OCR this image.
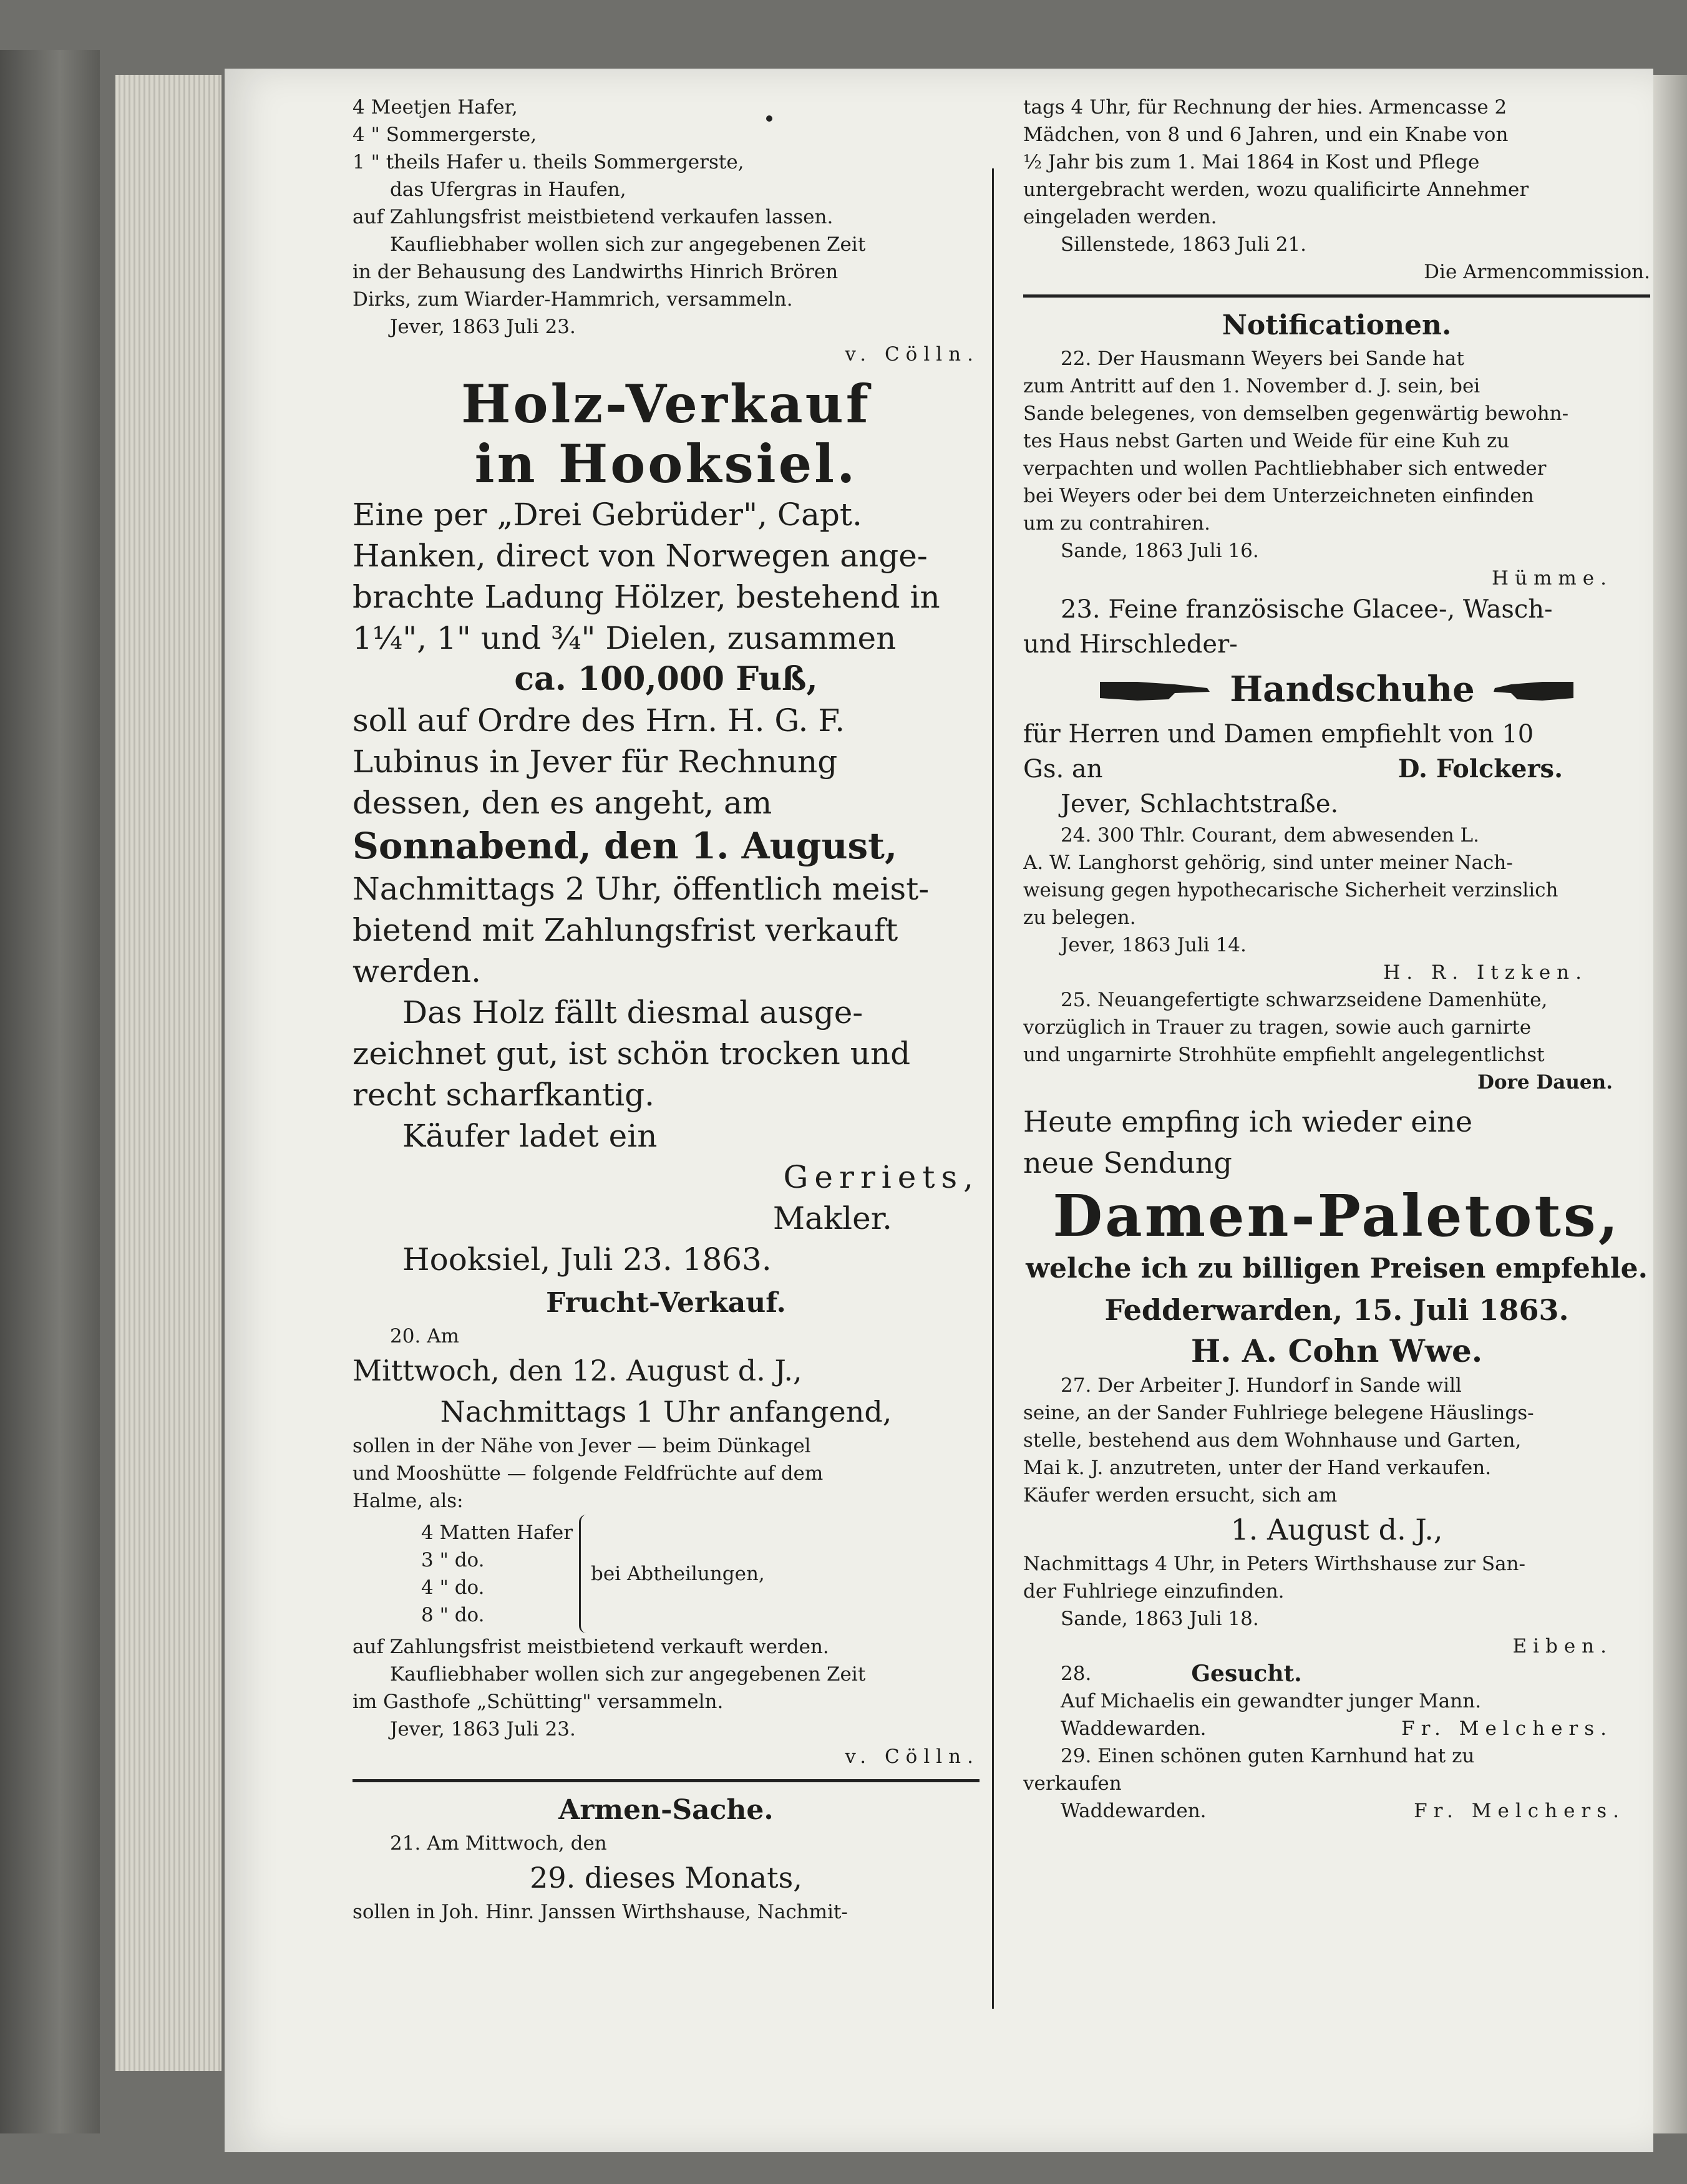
4 Meetjen Hafer,

4 " Sommergerste,

1 " theils Hafer u. theils Sommergerste,

das Ufergras in Haufen,

auf Zahlungsfrist meistbietend verkaufen lassen.

Kaufliebhaber wollen sich zur angegebenen Zeit

in der Behausung des Landwirths Hinrich Brören

Dirks, zum Wiarder-Hammrich, versammeln.

Jever, 1863 Juli 23.

v. Cölln.

Holz-Verkauf

in Hooksiel.

Eine per „Drei Gebrüder", Capt.

Hanken, direct von Norwegen ange-

brachte Ladung Hölzer, bestehend in

1¼", 1" und ¾" Dielen, zusammen

ca. 100,000 Fuß,

soll auf Ordre des Hrn. H. G. F.

Lubinus in Jever für Rechnung

dessen, den es angeht, am

Sonnabend, den 1. August,

Nachmittags 2 Uhr, öffentlich meist-

bietend mit Zahlungsfrist verkauft

werden.

Das Holz fällt diesmal ausge-

zeichnet gut, ist schön trocken und

recht scharfkantig.

Käufer ladet ein

Gerriets,

Makler.

Hooksiel, Juli 23. 1863.

Frucht-Verkauf.

20. Am

Mittwoch, den 12. August d. J.,

Nachmittags 1 Uhr anfangend,

sollen in der Nähe von Jever — beim Dünkagel

und Mooshütte — folgende Feldfrüchte auf dem

Halme, als:

4 Matten Hafer

3 " do.

4 " do.

8 " do.

bei Abtheilungen,

auf Zahlungsfrist meistbietend verkauft werden.

Kaufliebhaber wollen sich zur angegebenen Zeit

im Gasthofe „Schütting" versammeln.

Jever, 1863 Juli 23.

v. Cölln.

Armen-Sache.

21. Am Mittwoch, den

29. dieses Monats,

sollen in Joh. Hinr. Janssen Wirthshause, Nachmit-

tags 4 Uhr, für Rechnung der hies. Armencasse 2

Mädchen, von 8 und 6 Jahren, und ein Knabe von

½ Jahr bis zum 1. Mai 1864 in Kost und Pflege

untergebracht werden, wozu qualificirte Annehmer

eingeladen werden.

Sillenstede, 1863 Juli 21.

Die Armencommission.

Notificationen.

22. Der Hausmann Weyers bei Sande hat

zum Antritt auf den 1. November d. J. sein, bei

Sande belegenes, von demselben gegenwärtig bewohn-

tes Haus nebst Garten und Weide für eine Kuh zu

verpachten und wollen Pachtliebhaber sich entweder

bei Weyers oder bei dem Unterzeichneten einfinden

um zu contrahiren.

Sande, 1863 Juli 16.

Hümme.

23. Feine französische Glacee-, Wasch-

und Hirschleder-

Handschuhe

für Herren und Damen empfiehlt von 10

Gs. an	D. Folckers.

Jever, Schlachtstraße.

24. 300 Thlr. Courant, dem abwesenden L.

A. W. Langhorst gehörig, sind unter meiner Nach-

weisung gegen hypothecarische Sicherheit verzinslich

zu belegen.

Jever, 1863 Juli 14.

H. R. Itzken.

25. Neuangefertigte schwarzseidene Damenhüte,

vorzüglich in Trauer zu tragen, sowie auch garnirte

und ungarnirte Strohhüte empfiehlt angelegentlichst

Dore Dauen.

Heute empfing ich wieder eine

neue Sendung

Damen-Paletots,

welche ich zu billigen Preisen empfehle.

Fedderwarden, 15. Juli 1863.

H. A. Cohn Wwe.

27. Der Arbeiter J. Hundorf in Sande will

seine, an der Sander Fuhlriege belegene Häuslings-

stelle, bestehend aus dem Wohnhause und Garten,

Mai k. J. anzutreten, unter der Hand verkaufen.

Käufer werden ersucht, sich am

1. August d. J.,

Nachmittags 4 Uhr, in Peters Wirthshause zur San-

der Fuhlriege einzufinden.

Sande, 1863 Juli 18.

Eiben.

28.	Gesucht.

Auf Michaelis ein gewandter junger Mann.

Waddewarden.	Fr. Melchers.

29. Einen schönen guten Karnhund hat zu

verkaufen

Waddewarden.	Fr. Melchers.
